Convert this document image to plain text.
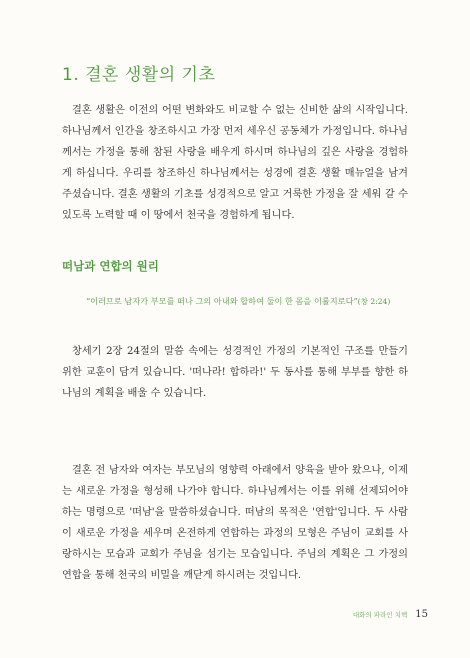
1. 결혼 생활의 기초
결혼 생활은 이전의 어떤 변화와도 비교할 수 없는 신비한 삶의 시작입니다. 하나님께서 인간을 창조하시고 가장 먼저 세우신 공동체가 가정입니다. 하나님께서는 가정을 통해 참된 사랑을 배우게 하시며 하나님의 깊은 사랑을 경험하게 하십니다. 우리를 창조하신 하나님께서는 성경에 결혼 생활 매뉴얼을 남겨 주셨습니다. 결혼 생활의 기초를 성경적으로 알고 거룩한 가정을 잘 세워 갈 수 있도록 노력할 때 이 땅에서 천국을 경험하게 됩니다.
떠남과 연합의 원리
“이러므로 남자가 부모를 떠나 그의 아내와 합하여 둘이 한 몸을 이룰지로다”(창 2:24)
창세기 2장 24절의 말씀 속에는 성경적인 가정의 기본적인 구조를 만들기 위한 교훈이 담겨 있습니다. '떠나라! 합하라!' 두 동사를 통해 부부를 향한 하나님의 계획을 배울 수 있습니다.
결혼 전 남자와 여자는 부모님의 영향력 아래에서 양육을 받아 왔으나, 이제는 새로운 가정을 형성해 나가야 합니다. 하나님께서는 이를 위해 선제되어야 하는 명령으로 '떠남'을 말씀하셨습니다. 떠남의 목적은 '연합'입니다. 두 사람이 새로운 가정을 세우며 온전하게 연합하는 과정의 모형은 주님이 교회를 사랑하시는 모습과 교회가 주님을 섬기는 모습입니다. 주님의 계획은 그 가정의 연합을 통해 천국의 비밀을 깨닫게 하시려는 것입니다.
대화의 파라인 치핵 15
